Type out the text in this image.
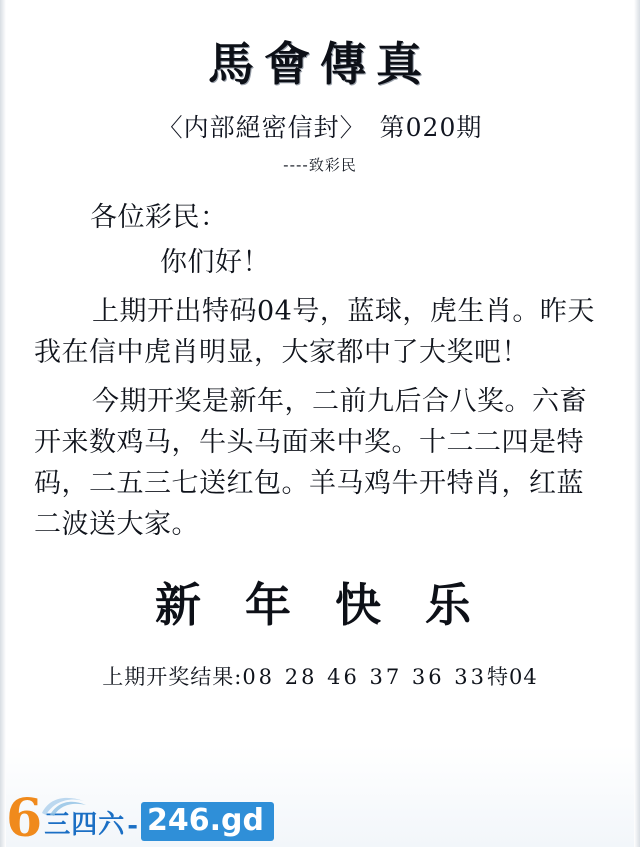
馬會傳真
〈内部絕密信封〉 第020期
----致彩民
各位彩民：
你们好！
上期开出特码04号，蓝球，虎生肖。昨天我在信中虎肖明显，大家都中了大奖吧！
今期开奖是新年，二前九后合八奖。六畜开来数鸡马，牛头马面来中奖。十二二四是特码，二五三七送红包。羊马鸡牛开特肖，红蓝二波送大家。
新 年 快 乐
上期开奖结果:08 28 46 37 36 33特04
6 三四六 - 246.gd
